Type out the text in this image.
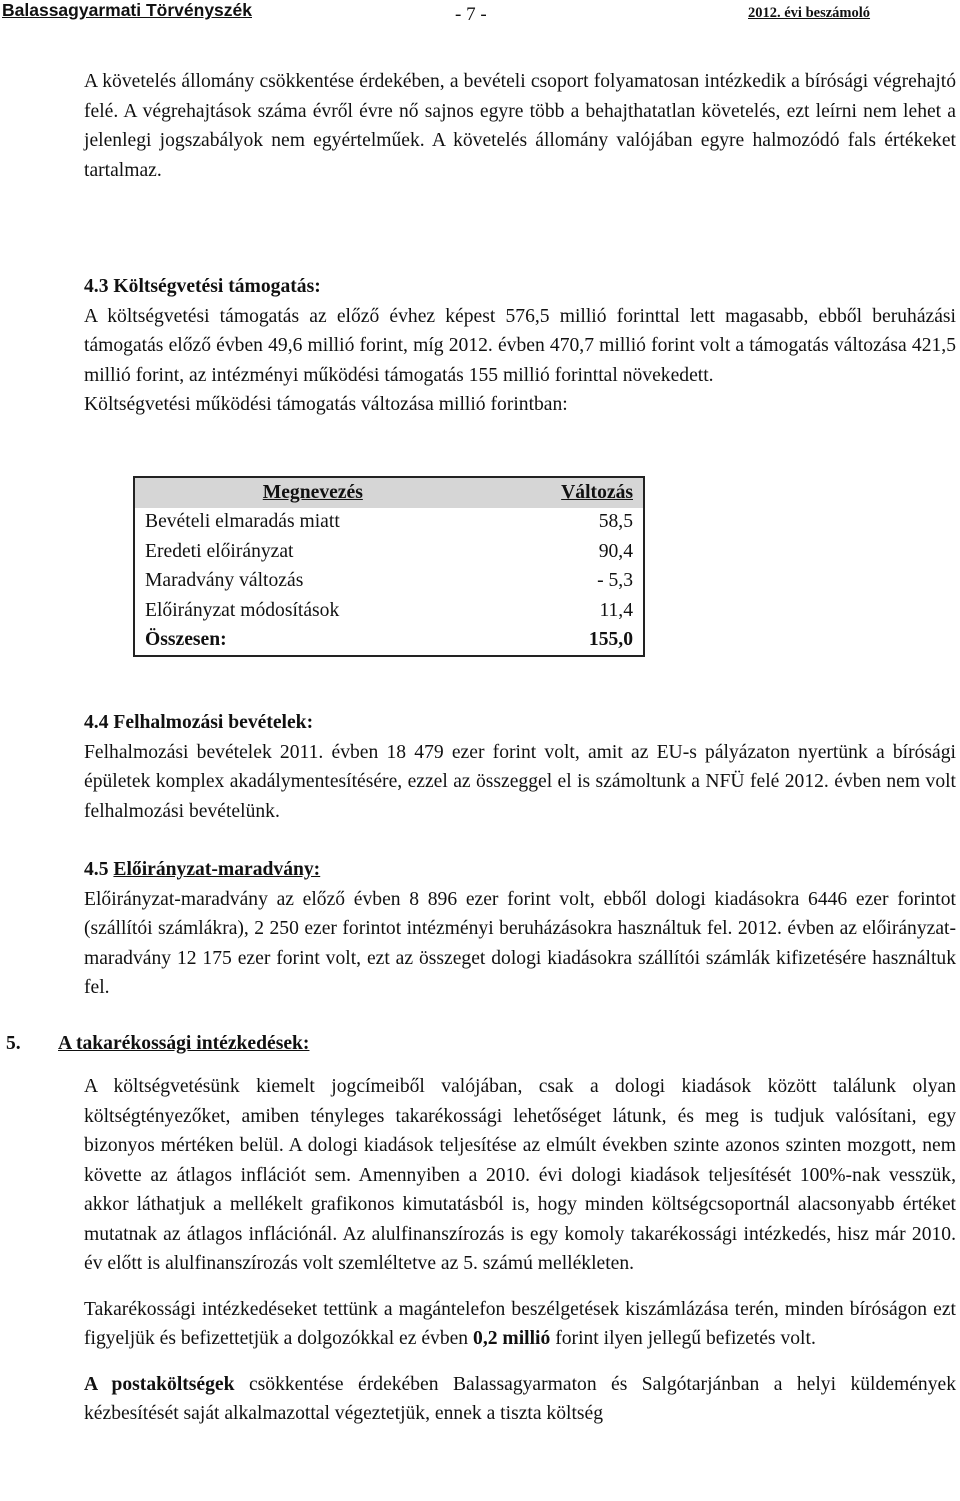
Balassagyarmati Törvényszék	- 7 -	2012. évi beszámoló

A követelés állomány csökkentése érdekében, a bevételi csoport folyamatosan intézkedik a bírósági végrehajtó felé. A végrehajtások száma évről évre nő sajnos egyre több a behajthatatlan követelés, ezt leírni nem lehet a jelenlegi jogszabályok nem egyértelműek. A követelés állomány valójában egyre halmozódó fals értékeket tartalmaz.

4.3 Költségvetési támogatás:

A költségvetési támogatás az előző évhez képest 576,5 millió forinttal lett magasabb, ebből beruházási támogatás előző évben 49,6 millió forint, míg 2012. évben 470,7 millió forint volt a támogatás változása 421,5 millió forint, az intézményi működési támogatás 155 millió forinttal növekedett.

Költségvetési működési támogatás változása millió forintban:

Megnevezés	Változás
Bevételi elmaradás miatt	58,5
Eredeti előirányzat	90,4
Maradvány változás	- 5,3
Előirányzat módosítások	11,4
Összesen:	155,0

4.4 Felhalmozási bevételek:

Felhalmozási bevételek 2011. évben 18 479 ezer forint volt, amit az EU-s pályázaton nyertünk a bírósági épületek komplex akadálymentesítésére, ezzel az összeggel el is számoltunk a NFÜ felé 2012. évben nem volt felhalmozási bevételünk.

4.5 Előirányzat-maradvány:

Előirányzat-maradvány az előző évben 8 896 ezer forint volt, ebből dologi kiadásokra 6446 ezer forintot (szállítói számlákra), 2 250 ezer forintot intézményi beruházásokra használtuk fel. 2012. évben az előirányzat-maradvány 12 175 ezer forint volt, ezt az összeget dologi kiadásokra szállítói számlák kifizetésére használtuk fel.

5. A takarékossági intézkedések:

A költségvetésünk kiemelt jogcímeiből valójában, csak a dologi kiadások között találunk olyan költségtényezőket, amiben tényleges takarékossági lehetőséget látunk, és meg is tudjuk valósítani, egy bizonyos mértéken belül. A dologi kiadások teljesítése az elmúlt években szinte azonos szinten mozgott, nem követte az átlagos inflációt sem. Amennyiben a 2010. évi dologi kiadások teljesítését 100%-nak vesszük, akkor láthatjuk a mellékelt grafikonos kimutatásból is, hogy minden költségcsoportnál alacsonyabb értéket mutatnak az átlagos inflációnál. Az alulfinanszírozás is egy komoly takarékossági intézkedés, hisz már 2010. év előtt is alulfinanszírozás volt szemléltetve az 5. számú mellékleten.

Takarékossági intézkedéseket tettünk a magántelefon beszélgetések kiszámlázása terén, minden bíróságon ezt figyeljük és befizettetjük a dolgozókkal ez évben 0,2 millió forint ilyen jellegű befizetés volt.

A postaköltségek csökkentése érdekében Balassagyarmaton és Salgótarjánban a helyi küldemények kézbesítését saját alkalmazottal végeztetjük, ennek a tiszta költség
